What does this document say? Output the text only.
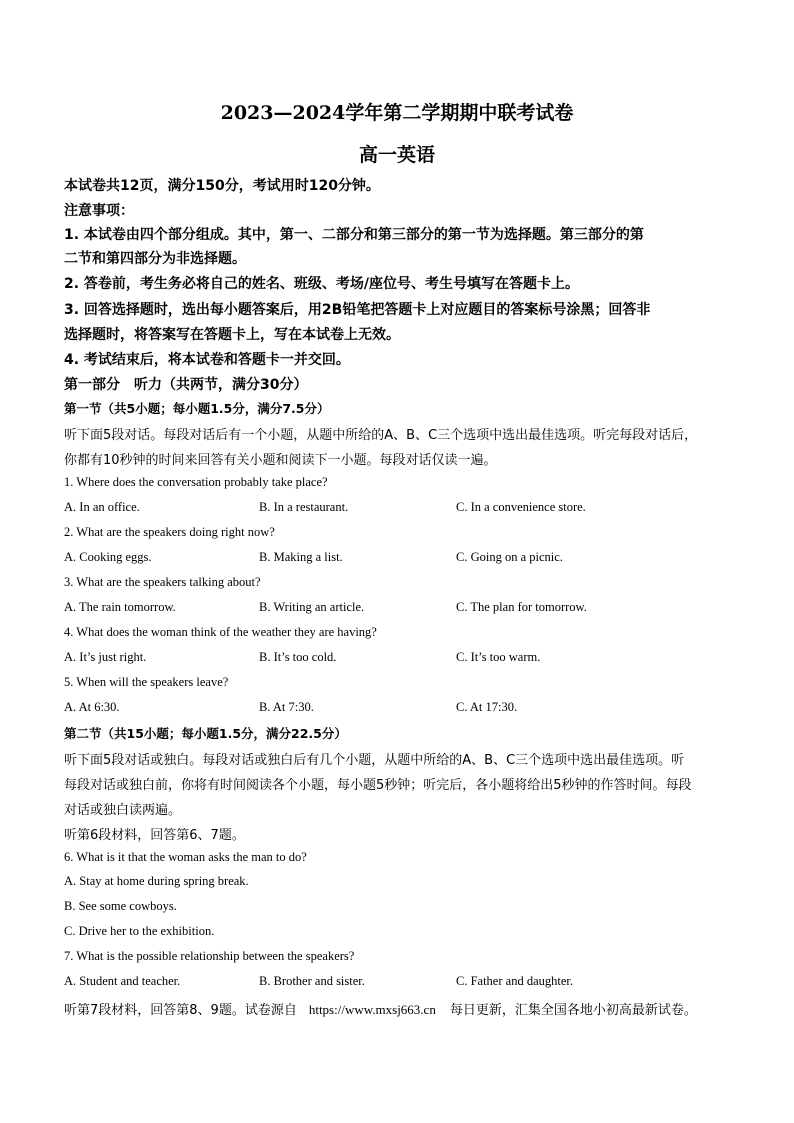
2023—2024学年第二学期期中联考试卷
高一英语
本试卷共12页，满分150分，考试用时120分钟。
注意事项：
1. 本试卷由四个部分组成。其中，第一、二部分和第三部分的第一节为选择题。第三部分的第
二节和第四部分为非选择题。
2. 答卷前，考生务必将自己的姓名、班级、考场/座位号、考生号填写在答题卡上。
3. 回答选择题时，选出每小题答案后，用2B铅笔把答题卡上对应题目的答案标号涂黑；回答非
选择题时，将答案写在答题卡上，写在本试卷上无效。
4. 考试结束后，将本试卷和答题卡一并交回。
第一部分　听力（共两节，满分30分）
第一节（共5小题；每小题1.5分，满分7.5分）
听下面5段对话。每段对话后有一个小题，从题中所给的A、B、C三个选项中选出最佳选项。听完每段对话后，
你都有10秒钟的时间来回答有关小题和阅读下一小题。每段对话仅读一遍。
1. Where does the conversation probably take place?
A. In an office.	B. In a restaurant.	C. In a convenience store.
2. What are the speakers doing right now?
A. Cooking eggs.	B. Making a list.	C. Going on a picnic.
3. What are the speakers talking about?
A. The rain tomorrow.	B. Writing an article.	C. The plan for tomorrow.
4. What does the woman think of the weather they are having?
A. It’s just right.	B. It’s too cold.	C. It’s too warm.
5. When will the speakers leave?
A. At 6:30.	B. At 7:30.	C. At 17:30.
第二节（共15小题；每小题1.5分，满分22.5分）
听下面5段对话或独白。每段对话或独白后有几个小题，从题中所给的A、B、C三个选项中选出最佳选项。听
每段对话或独白前，你将有时间阅读各个小题，每小题5秒钟；听完后，各小题将给出5秒钟的作答时间。每段
对话或独白读两遍。
听第6段材料，回答第6、7题。
6. What is it that the woman asks the man to do?
A. Stay at home during spring break.
B. See some cowboys.
C. Drive her to the exhibition.
7. What is the possible relationship between the speakers?
A. Student and teacher.	B. Brother and sister.	C. Father and daughter.
听第7段材料，回答第8、9题。试卷源自 https://www.mxsj663.cn 每日更新，汇集全国各地小初高最新试卷。
